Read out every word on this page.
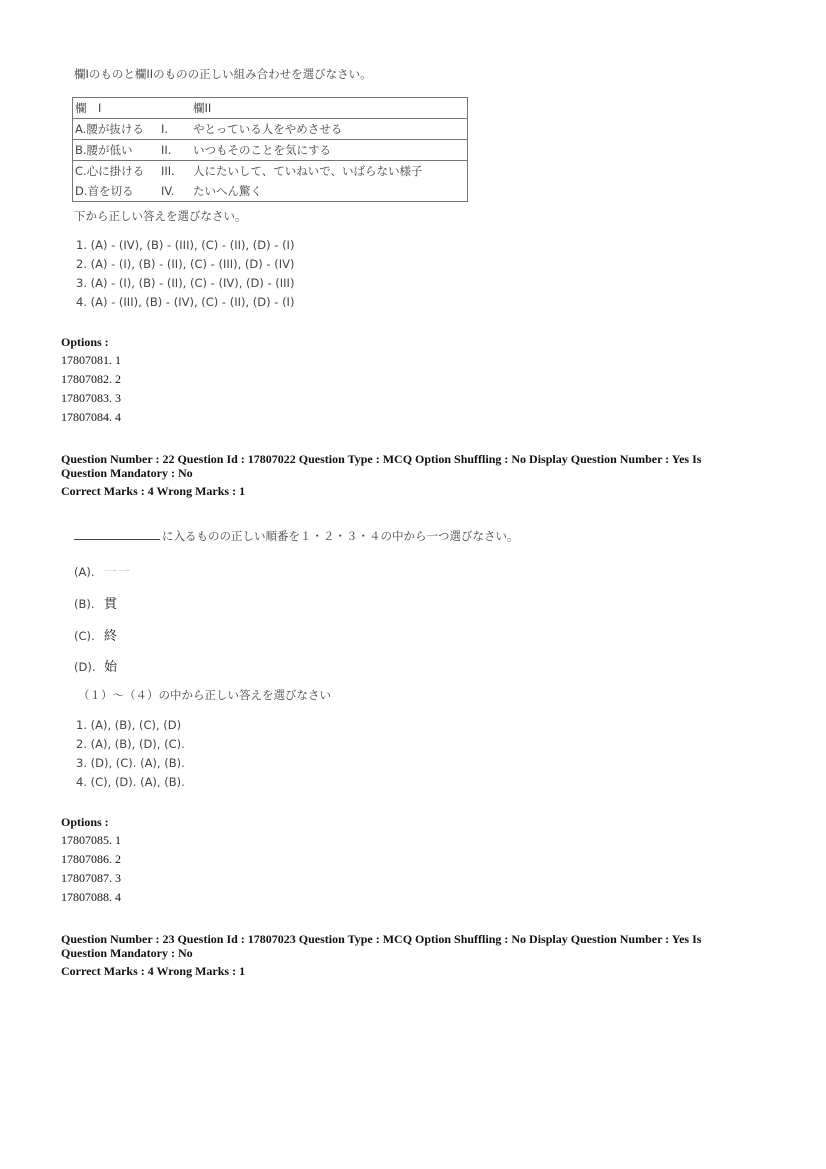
欄Iのものと欄IIのものの正しい組み合わせを選びなさい。
欄　I		欄II
A.腰が抜ける	I.	やとっている人をやめさせる
B.腰が低い	II.	いつもそのことを気にする
C.心に掛ける	III.	人にたいして、ていねいで、いばらない様子
D.首を切る	IV.	たいへん驚く
下から正しい答えを選びなさい。
1. (A) - (IV), (B) - (III), (C) - (II), (D) - (I)
2. (A) - (I), (B) - (II), (C) - (III), (D) - (IV)
3. (A) - (I), (B) - (II), (C) - (IV), (D) - (III)
4. (A) - (III), (B) - (IV), (C) - (II), (D) - (I)
Options :
17807081. 1
17807082. 2
17807083. 3
17807084. 4
Question Number : 22 Question Id : 17807022 Question Type : MCQ Option Shuffling : No Display Question Number : Yes Is Question Mandatory : No
Correct Marks : 4 Wrong Marks : 1
に入るものの正しい順番を１・２・３・４の中から一つ選びなさい。
(A). 一一
(B). 貫
(C). 終
(D). 始
（１）～（４）の中から正しい答えを選びなさい
1. (A), (B), (C), (D)
2. (A), (B), (D), (C).
3. (D), (C). (A), (B).
4. (C), (D). (A), (B).
Options :
17807085. 1
17807086. 2
17807087. 3
17807088. 4
Question Number : 23 Question Id : 17807023 Question Type : MCQ Option Shuffling : No Display Question Number : Yes Is Question Mandatory : No
Correct Marks : 4 Wrong Marks : 1
